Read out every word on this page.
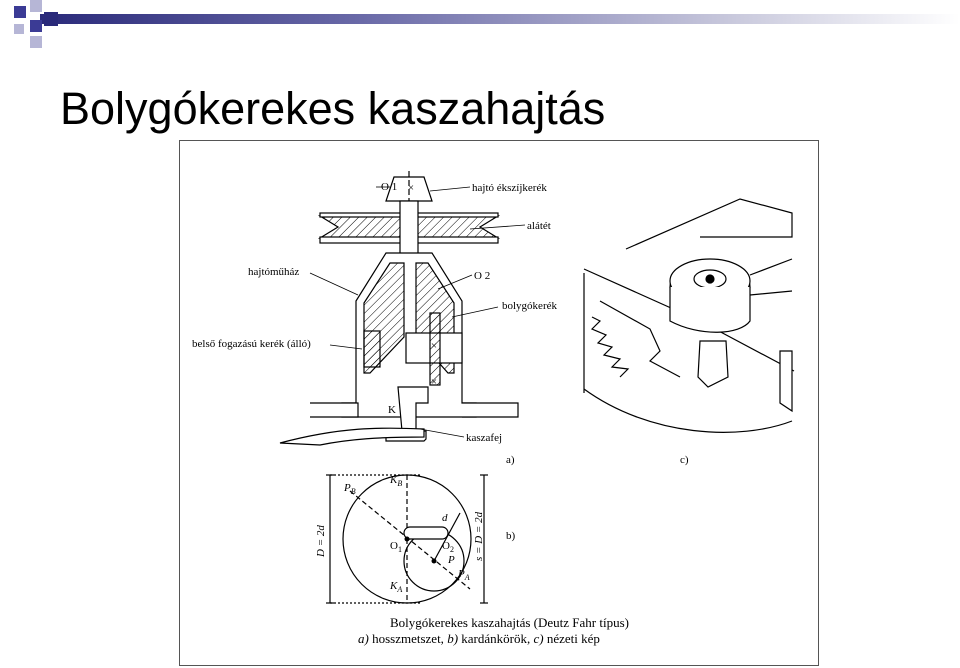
Bolygókerekes kaszahajtás
×
×
×
O 1	hajtó ékszíjkerék
alátét
hajtóműház	O 2
bolygókerék
belső fogazású kerék (álló)
K
kaszafej
a)	c)
$P_B$
$K_B$
d
$O_1$	$O_2$
P
$P_A$
$K_A$
D = 2d	s = D = 2d b)
Bolygókerekes kaszahajtás (Deutz Fahr típus)
a) hosszmetszet, b) kardánkörök, c) nézeti kép
